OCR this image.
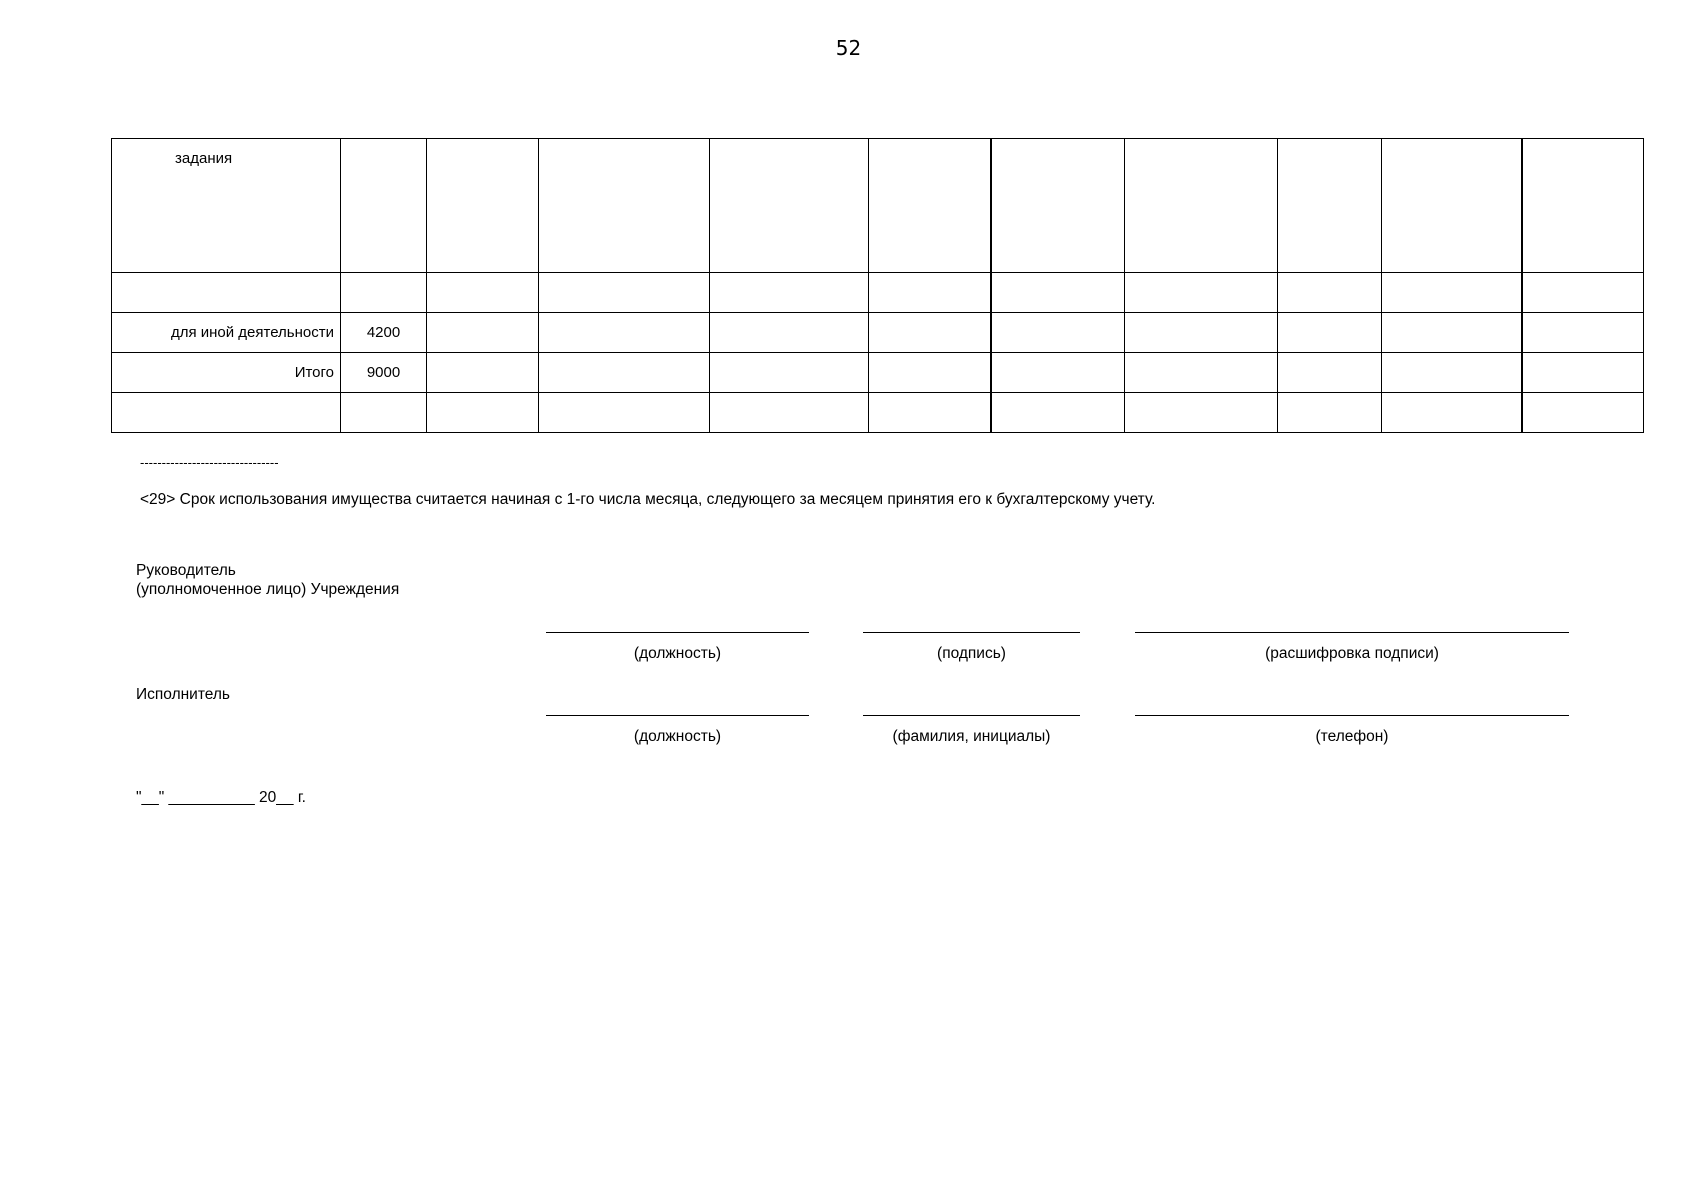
52
задания										

для иной деятельности	4200									
Итого	9000									

--------------------------------
<29> Срок использования имущества считается начиная с 1-го числа месяца, следующего за месяцем принятия его к бухгалтерскому учету.
Руководитель
(уполномоченное лицо) Учреждения
(должность)	(подпись)	(расшифровка подписи)
Исполнитель
(должность)	(фамилия, инициалы)	(телефон)
"__" __________ 20__ г.
